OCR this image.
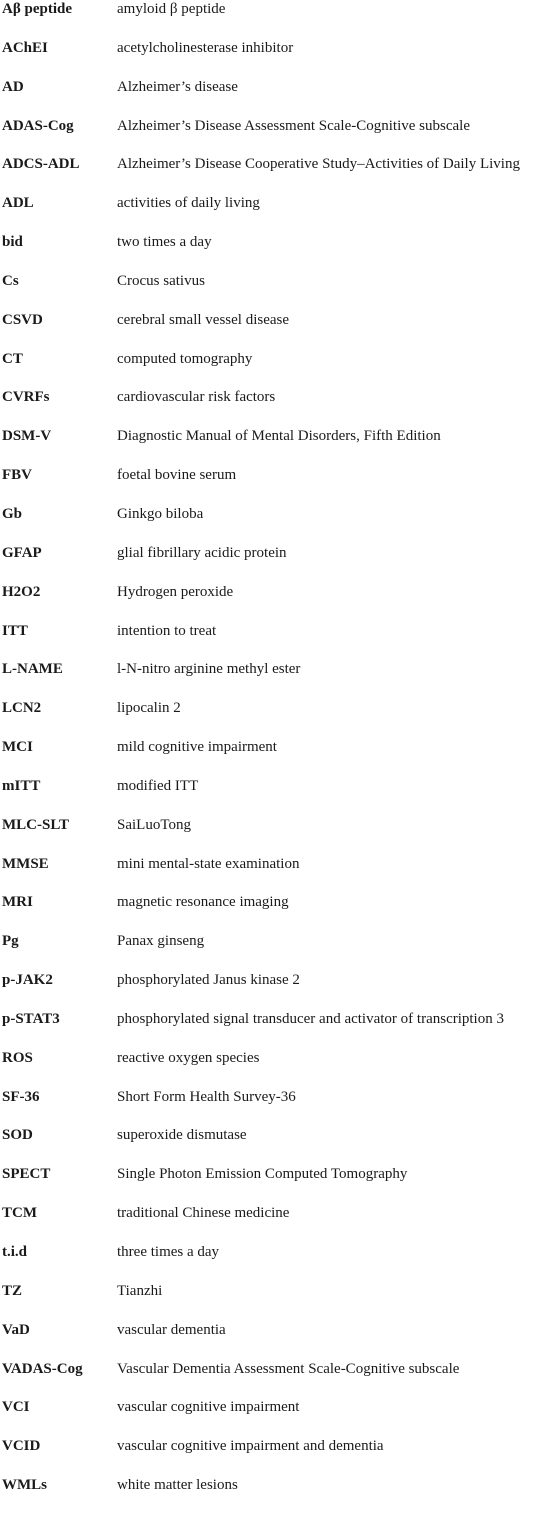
Aβ peptide	amyloid β peptide
AChEI	acetylcholinesterase inhibitor
AD	Alzheimer’s disease
ADAS-Cog	Alzheimer’s Disease Assessment Scale-Cognitive subscale
ADCS-ADL Alzheimer’s Disease Cooperative Study–Activities of Daily Living
ADL	activities of daily living
bid	two times a day
Cs	Crocus sativus
CSVD	cerebral small vessel disease
CT	computed tomography
CVRFs	cardiovascular risk factors
DSM-V	Diagnostic Manual of Mental Disorders, Fifth Edition
FBV	foetal bovine serum
Gb	Ginkgo biloba
GFAP	glial fibrillary acidic protein
H2O2	Hydrogen peroxide
ITT	intention to treat
L-NAME	l-N-nitro arginine methyl ester
LCN2	lipocalin 2
MCI	mild cognitive impairment
mITT	modified ITT
MLC-SLT	SaiLuoTong
MMSE	mini mental-state examination
MRI	magnetic resonance imaging
Pg	Panax ginseng
p-JAK2	phosphorylated Janus kinase 2
p-STAT3	phosphorylated signal transducer and activator of transcription 3
ROS	reactive oxygen species
SF-36	Short Form Health Survey-36
SOD	superoxide dismutase
SPECT	Single Photon Emission Computed Tomography
TCM	traditional Chinese medicine
t.i.d	three times a day
TZ	Tianzhi
VaD	vascular dementia
VADAS-Cog Vascular Dementia Assessment Scale-Cognitive subscale
VCI	vascular cognitive impairment
VCID	vascular cognitive impairment and dementia
WMLs	white matter lesions
